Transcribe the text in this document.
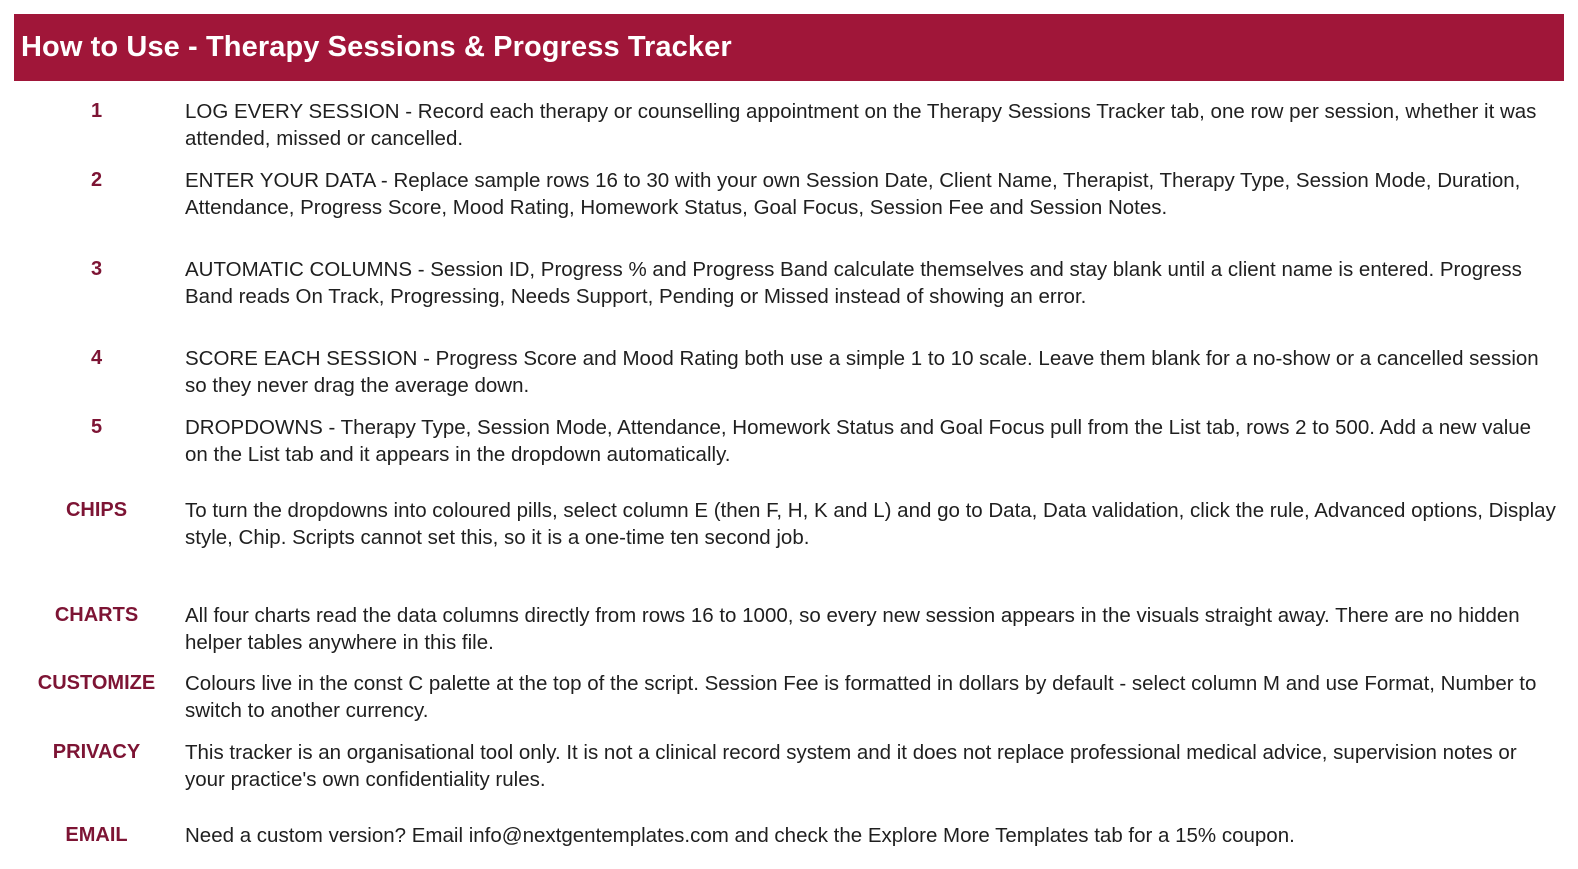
How to Use - Therapy Sessions & Progress Tracker
1	LOG EVERY SESSION - Record each therapy or counselling appointment on the Therapy Sessions Tracker tab, one row per session, whether it was attended, missed or cancelled.
2	ENTER YOUR DATA - Replace sample rows 16 to 30 with your own Session Date, Client Name, Therapist, Therapy Type, Session Mode, Duration, Attendance, Progress Score, Mood Rating, Homework Status, Goal Focus, Session Fee and Session Notes.
3	AUTOMATIC COLUMNS - Session ID, Progress % and Progress Band calculate themselves and stay blank until a client name is entered. Progress Band reads On Track, Progressing, Needs Support, Pending or Missed instead of showing an error.
4	SCORE EACH SESSION - Progress Score and Mood Rating both use a simple 1 to 10 scale. Leave them blank for a no-show or a cancelled session so they never drag the average down.
5	DROPDOWNS - Therapy Type, Session Mode, Attendance, Homework Status and Goal Focus pull from the List tab, rows 2 to 500. Add a new value on the List tab and it appears in the dropdown automatically.
CHIPS	To turn the dropdowns into coloured pills, select column E (then F, H, K and L) and go to Data, Data validation, click the rule, Advanced options, Display style, Chip. Scripts cannot set this, so it is a one-time ten second job.
CHARTS	All four charts read the data columns directly from rows 16 to 1000, so every new session appears in the visuals straight away. There are no hidden helper tables anywhere in this file.
CUSTOMIZE	Colours live in the const C palette at the top of the script. Session Fee is formatted in dollars by default - select column M and use Format, Number to switch to another currency.
PRIVACY	This tracker is an organisational tool only. It is not a clinical record system and it does not replace professional medical advice, supervision notes or your practice's own confidentiality rules.
EMAIL	Need a custom version? Email info@nextgentemplates.com and check the Explore More Templates tab for a 15% coupon.
